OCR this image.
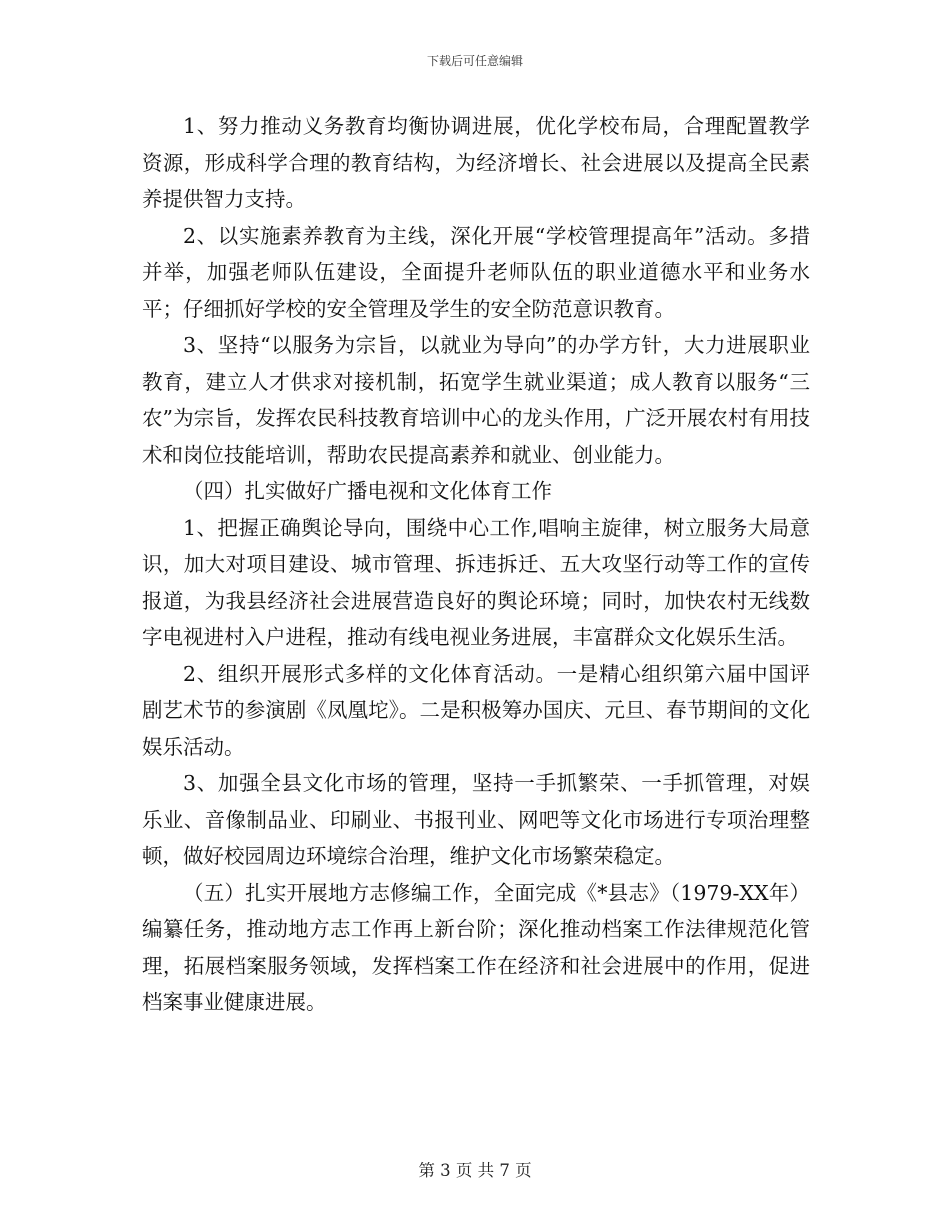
下载后可任意编辑

1、努力推动义务教育均衡协调进展，优化学校布局，合理配置教学资源，形成科学合理的教育结构，为经济增长、社会进展以及提高全民素养提供智力支持。

2、以实施素养教育为主线，深化开展“学校管理提高年”活动。多措并举，加强老师队伍建设，全面提升老师队伍的职业道德水平和业务水平；仔细抓好学校的安全管理及学生的安全防范意识教育。

3、坚持“以服务为宗旨，以就业为导向”的办学方针，大力进展职业教育，建立人才供求对接机制，拓宽学生就业渠道；成人教育以服务“三农”为宗旨，发挥农民科技教育培训中心的龙头作用，广泛开展农村有用技术和岗位技能培训，帮助农民提高素养和就业、创业能力。

（四）扎实做好广播电视和文化体育工作

1、把握正确舆论导向，围绕中心工作,唱响主旋律，树立服务大局意识，加大对项目建设、城市管理、拆违拆迁、五大攻坚行动等工作的宣传报道，为我县经济社会进展营造良好的舆论环境；同时，加快农村无线数字电视进村入户进程，推动有线电视业务进展，丰富群众文化娱乐生活。

2、组织开展形式多样的文化体育活动。一是精心组织第六届中国评剧艺术节的参演剧《凤凰坨》。二是积极筹办国庆、元旦、春节期间的文化娱乐活动。

3、加强全县文化市场的管理，坚持一手抓繁荣、一手抓管理，对娱乐业、音像制品业、印刷业、书报刊业、网吧等文化市场进行专项治理整顿，做好校园周边环境综合治理，维护文化市场繁荣稳定。

（五）扎实开展地方志修编工作，全面完成《*县志》（1979-XX年）编纂任务，推动地方志工作再上新台阶；深化推动档案工作法律规范化管理，拓展档案服务领域，发挥档案工作在经济和社会进展中的作用，促进档案事业健康进展。

第 3 页 共 7 页
